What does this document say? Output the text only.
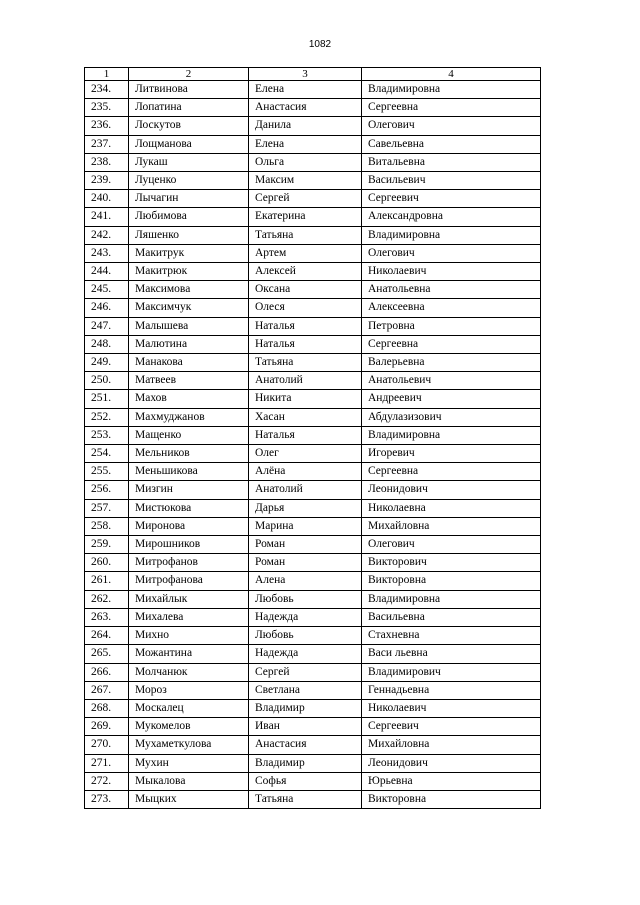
1082
1	2	3	4
234.	Литвинова	Елена	Владимировна
235.	Лопатина	Анастасия	Сергеевна
236.	Лоскутов	Данила	Олегович
237.	Лощманова	Елена	Савельевна
238.	Лукаш	Ольга	Витальевна
239.	Луценко	Максим	Васильевич
240.	Лычагин	Сергей	Сергеевич
241.	Любимова	Екатерина	Александровна
242.	Ляшенко	Татьяна	Владимировна
243.	Макитрук	Артем	Олегович
244.	Макитрюк	Алексей	Николаевич
245.	Максимова	Оксана	Анатольевна
246.	Максимчук	Олеся	Алексеевна
247.	Малышева	Наталья	Петровна
248.	Малютина	Наталья	Сергеевна
249.	Манакова	Татьяна	Валерьевна
250.	Матвеев	Анатолий	Анатольевич
251.	Махов	Никита	Андреевич
252.	Махмуджанов	Хасан	Абдулазизович
253.	Мащенко	Наталья	Владимировна
254.	Мельников	Олег	Игоревич
255.	Меньшикова	Алёна	Сергеевна
256.	Мизгин	Анатолий	Леонидович
257.	Мистюкова	Дарья	Николаевна
258.	Миронова	Марина	Михайловна
259.	Мирошников	Роман	Олегович
260.	Митрофанов	Роман	Викторович
261.	Митрофанова	Алена	Викторовна
262.	Михайлык	Любовь	Владимировна
263.	Михалева	Надежда	Васильевна
264.	Михно	Любовь	Стахневна
265.	Можантина	Надежда	Васи льевна
266.	Молчанюк	Сергей	Владимирович
267.	Мороз	Светлана	Геннадьевна
268.	Москалец	Владимир	Николаевич
269.	Мукомелов	Иван	Сергеевич
270.	Мухаметкулова	Анастасия	Михайловна
271.	Мухин	Владимир	Леонидович
272.	Мыкалова	Софья	Юрьевна
273.	Мыцких	Татьяна	Викторовна
